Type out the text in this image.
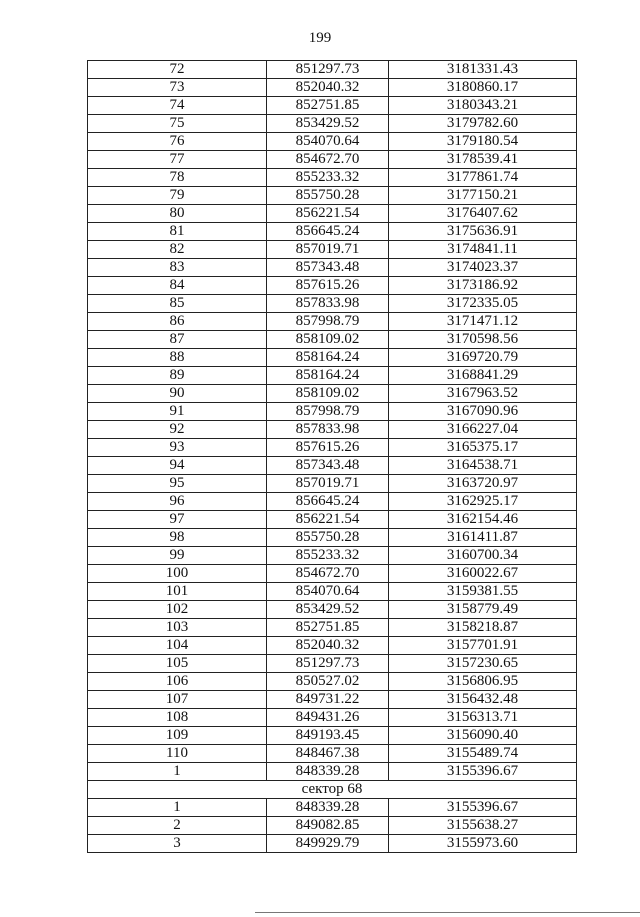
199
72	851297.73	3181331.43
73	852040.32	3180860.17
74	852751.85	3180343.21
75	853429.52	3179782.60
76	854070.64	3179180.54
77	854672.70	3178539.41
78	855233.32	3177861.74
79	855750.28	3177150.21
80	856221.54	3176407.62
81	856645.24	3175636.91
82	857019.71	3174841.11
83	857343.48	3174023.37
84	857615.26	3173186.92
85	857833.98	3172335.05
86	857998.79	3171471.12
87	858109.02	3170598.56
88	858164.24	3169720.79
89	858164.24	3168841.29
90	858109.02	3167963.52
91	857998.79	3167090.96
92	857833.98	3166227.04
93	857615.26	3165375.17
94	857343.48	3164538.71
95	857019.71	3163720.97
96	856645.24	3162925.17
97	856221.54	3162154.46
98	855750.28	3161411.87
99	855233.32	3160700.34
100	854672.70	3160022.67
101	854070.64	3159381.55
102	853429.52	3158779.49
103	852751.85	3158218.87
104	852040.32	3157701.91
105	851297.73	3157230.65
106	850527.02	3156806.95
107	849731.22	3156432.48
108	849431.26	3156313.71
109	849193.45	3156090.40
110	848467.38	3155489.74
1	848339.28	3155396.67
сектор 68		
1	848339.28	3155396.67
2	849082.85	3155638.27
3	849929.79	3155973.60
